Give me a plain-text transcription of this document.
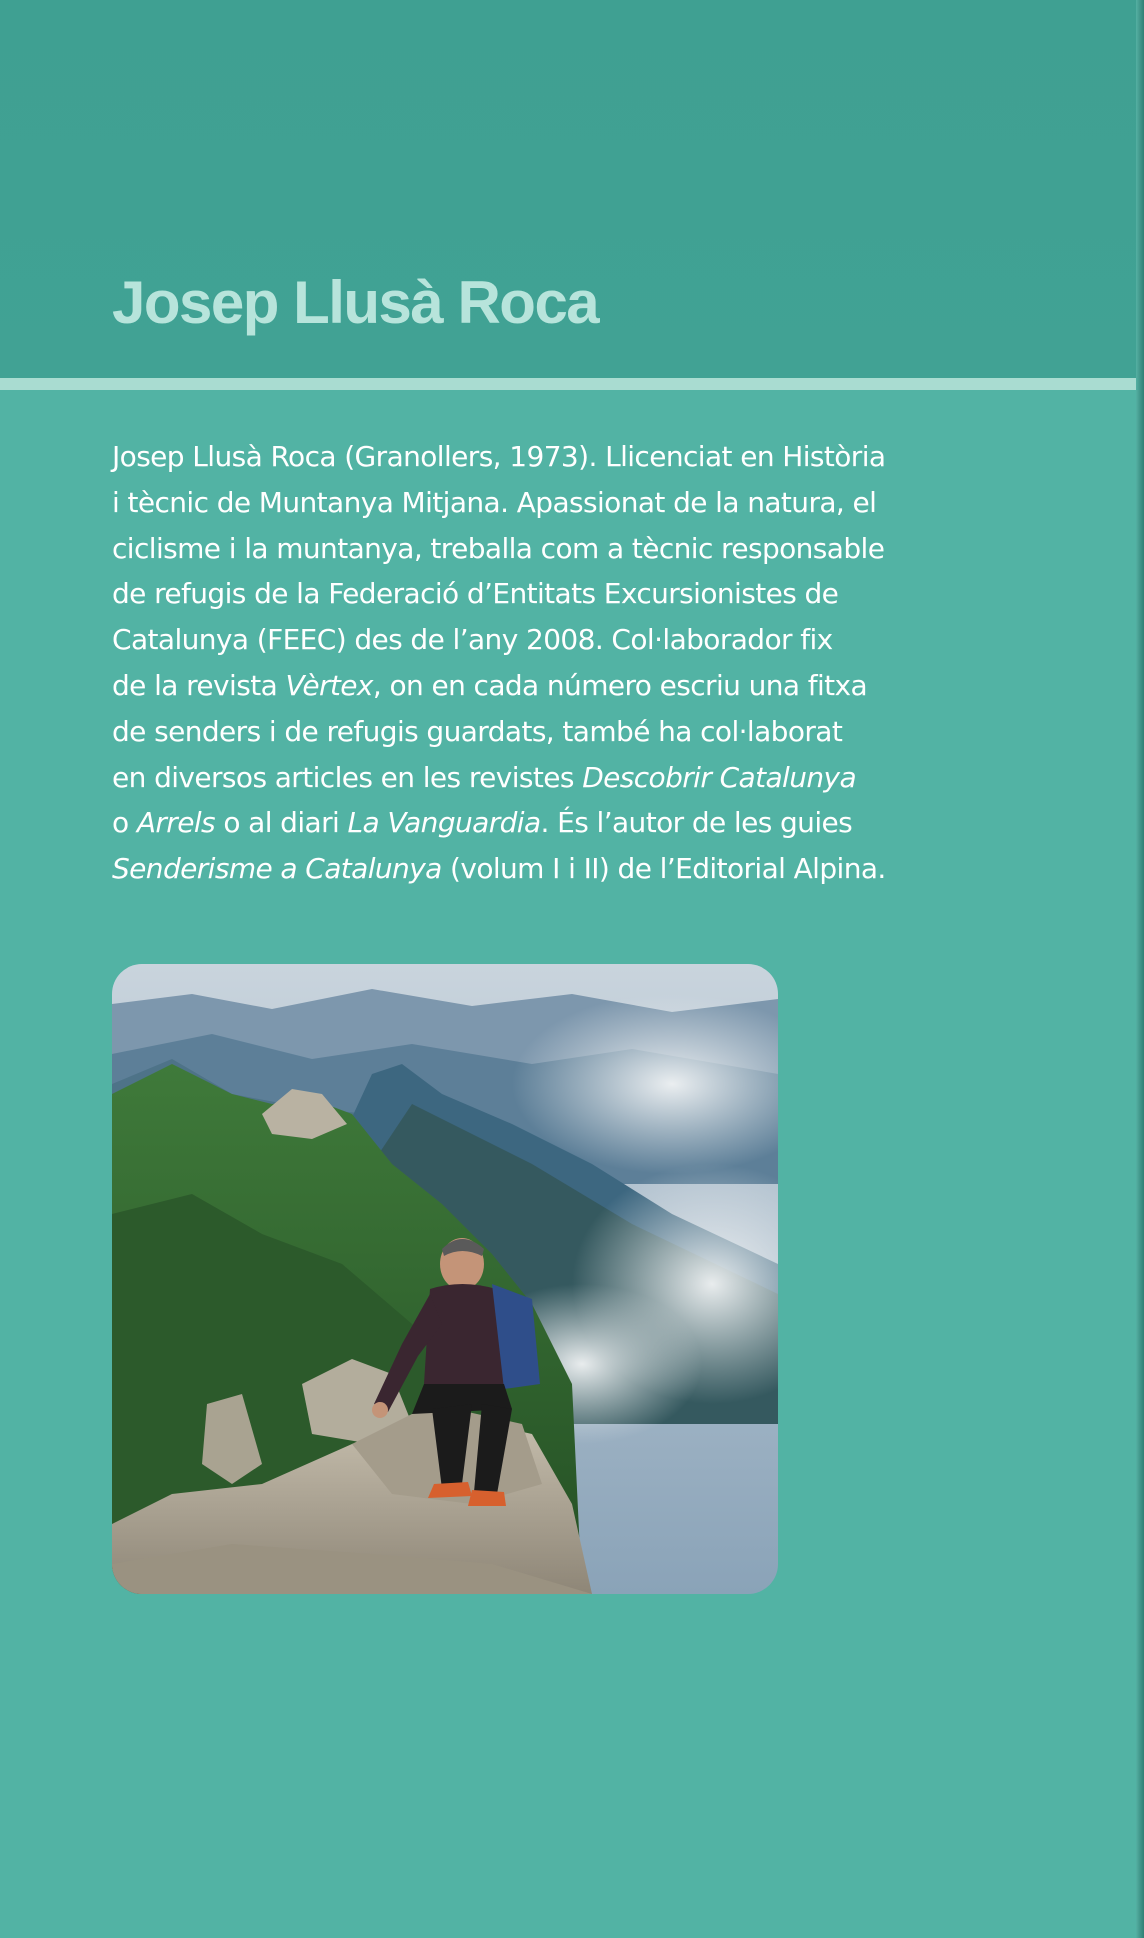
Josep Llusà Roca
Josep Llusà Roca (Granollers, 1973). Llicenciat en Història
i tècnic de Muntanya Mitjana. Apassionat de la natura, el
ciclisme i la muntanya, treballa com a tècnic responsable
de refugis de la Federació d’Entitats Excursionistes de
Catalunya (FEEC) des de l’any 2008. Col·laborador fix
de la revista Vèrtex, on en cada número escriu una fitxa
de senders i de refugis guardats, també ha col·laborat
en diversos articles en les revistes Descobrir Catalunya
o Arrels o al diari La Vanguardia. És l’autor de les guies
Senderisme a Catalunya (volum I i II) de l’Editorial Alpina.
